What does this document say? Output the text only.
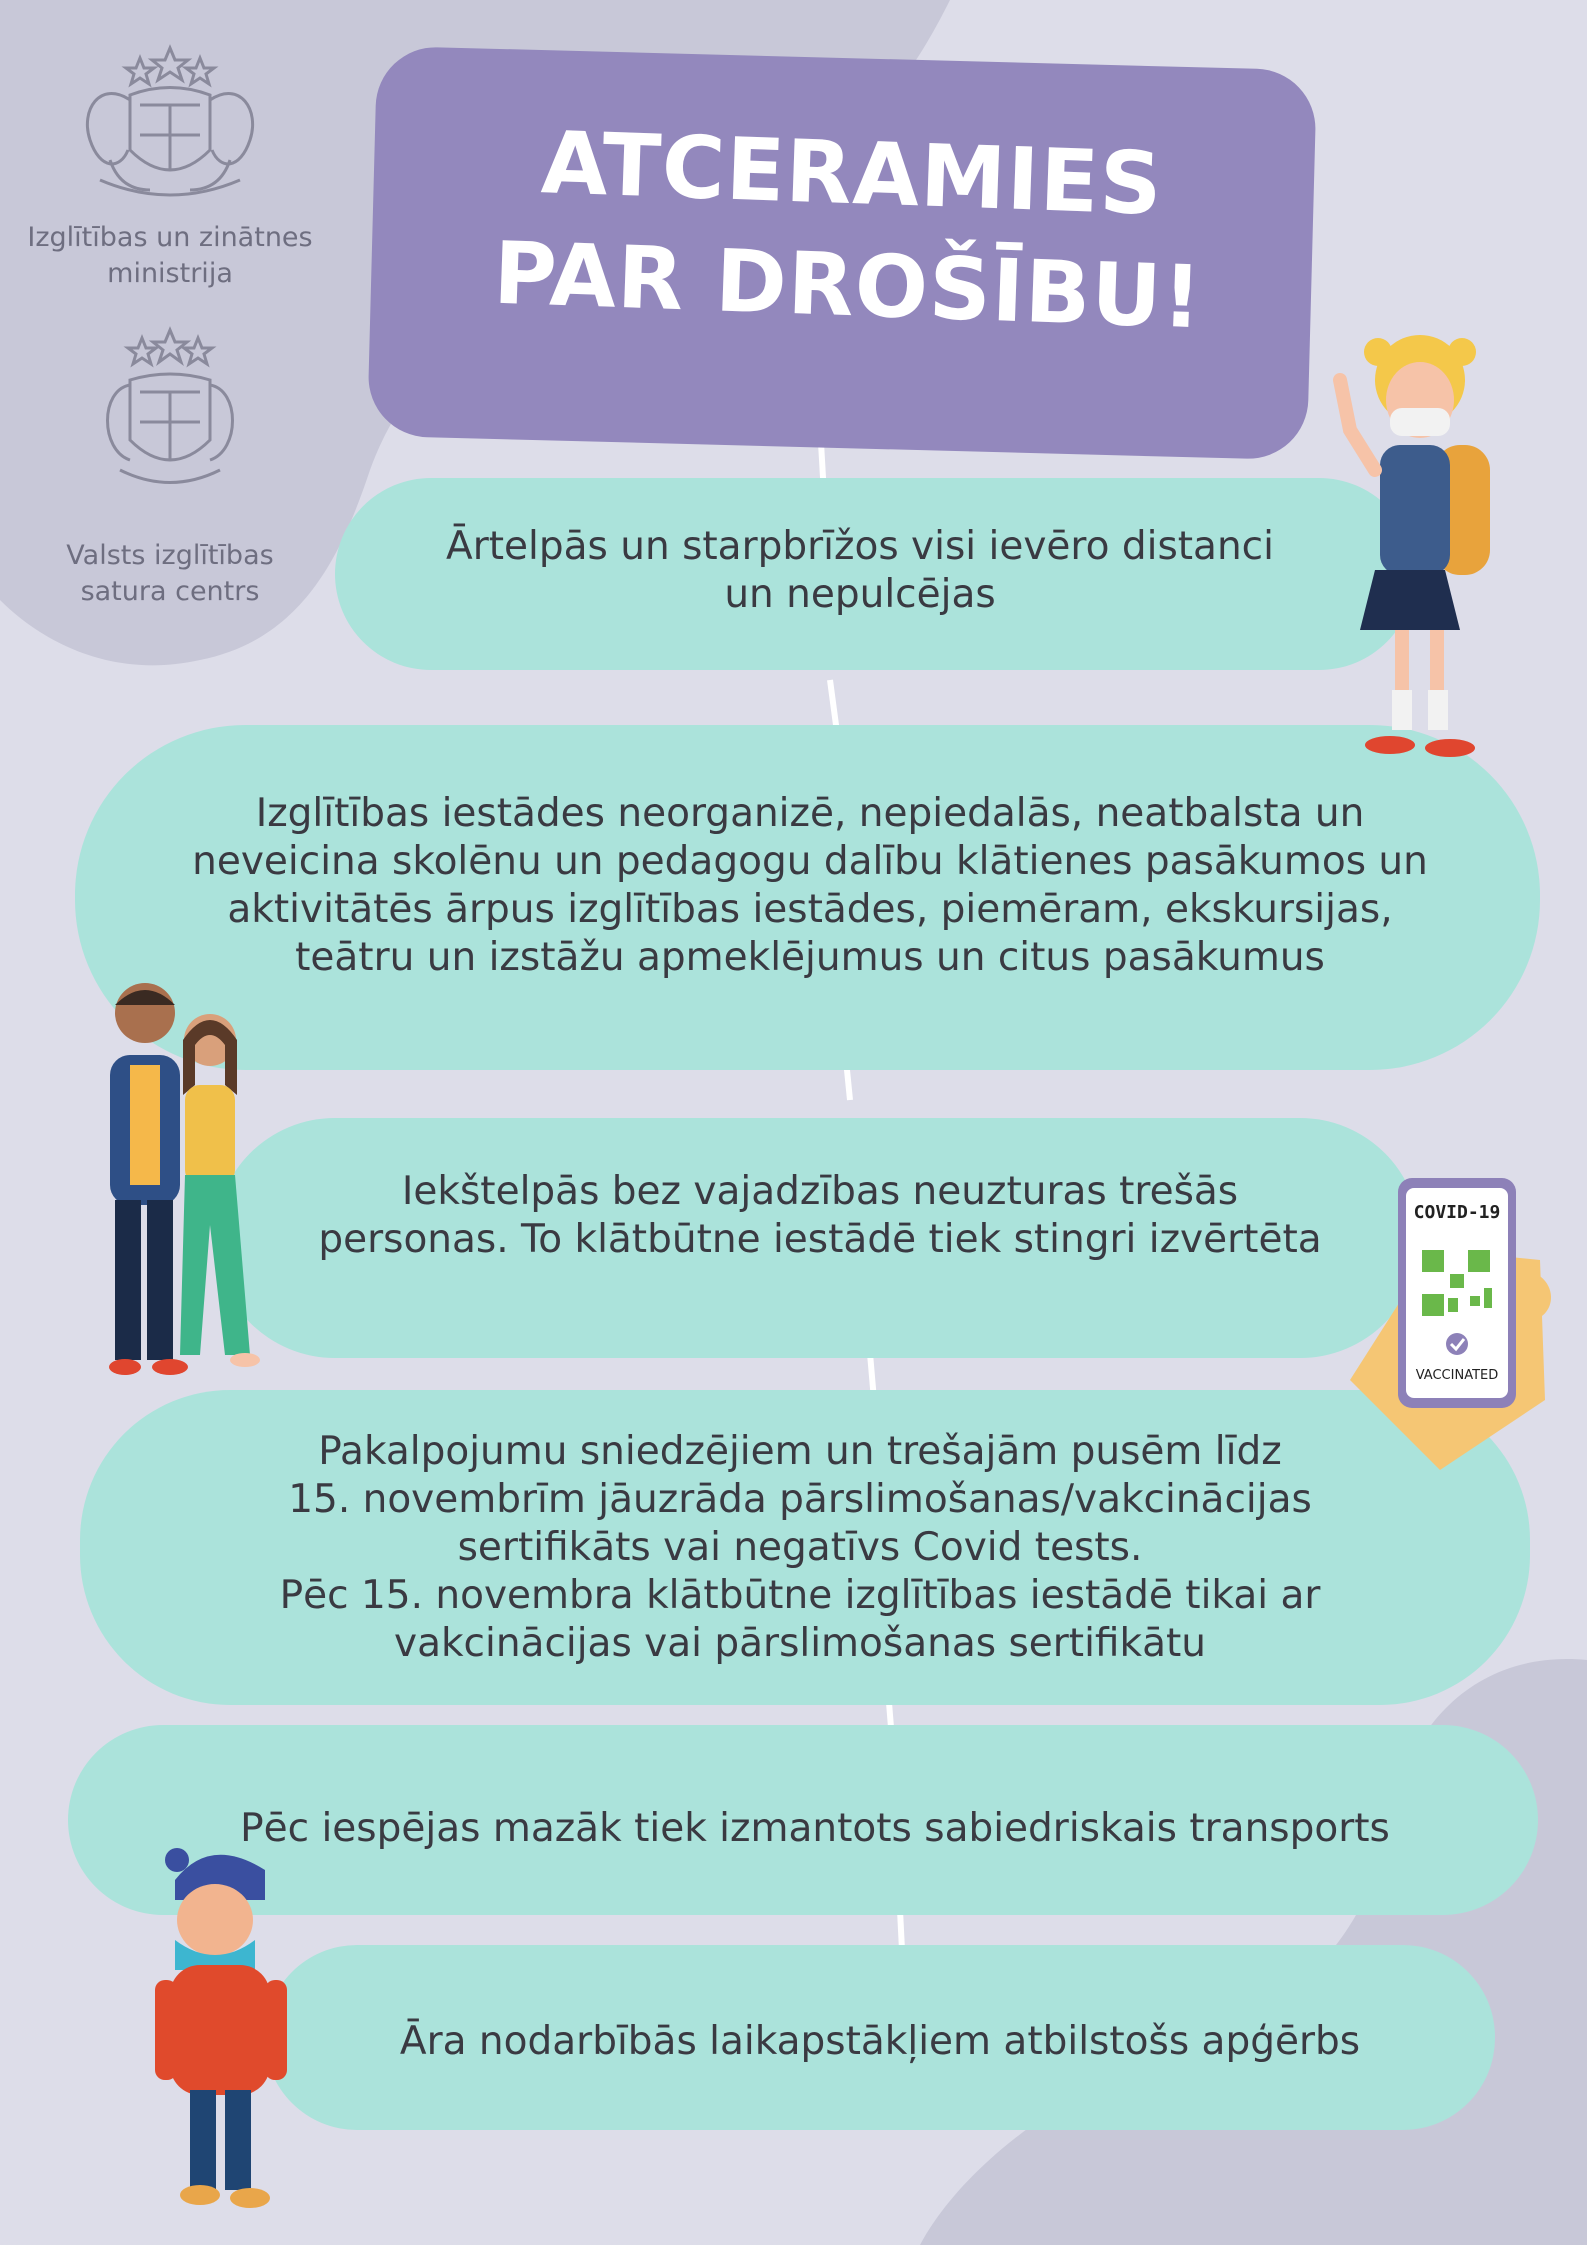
Izglītības un zinātnes
ministrija
Valsts izglītības
satura centrs
ATCERAMIES
PAR DROŠĪBU!
Ārtelpās un starpbrīžos visi ievēro distanci
un nepulcējas
Izglītības iestādes neorganizē, nepiedalās, neatbalsta un
neveicina skolēnu un pedagogu dalību klātienes pasākumos un
aktivitātēs ārpus izglītības iestādes, piemēram, ekskursijas,
teātru un izstāžu apmeklējumus un citus pasākumus
Iekštelpās bez vajadzības neuzturas trešās
personas. To klātbūtne iestādē tiek stingri izvērtēta
Pakalpojumu sniedzējiem un trešajām pusēm līdz
15. novembrīm jāuzrāda pārslimošanas/vakcinācijas
sertifikāts vai negatīvs Covid tests.
Pēc 15. novembra klātbūtne izglītības iestādē tikai ar
vakcinācijas vai pārslimošanas sertifikātu
Pēc iespējas mazāk tiek izmantots sabiedriskais transports
Āra nodarbībās laikapstākļiem atbilstošs apģērbs
COVID-19
VACCINATED
